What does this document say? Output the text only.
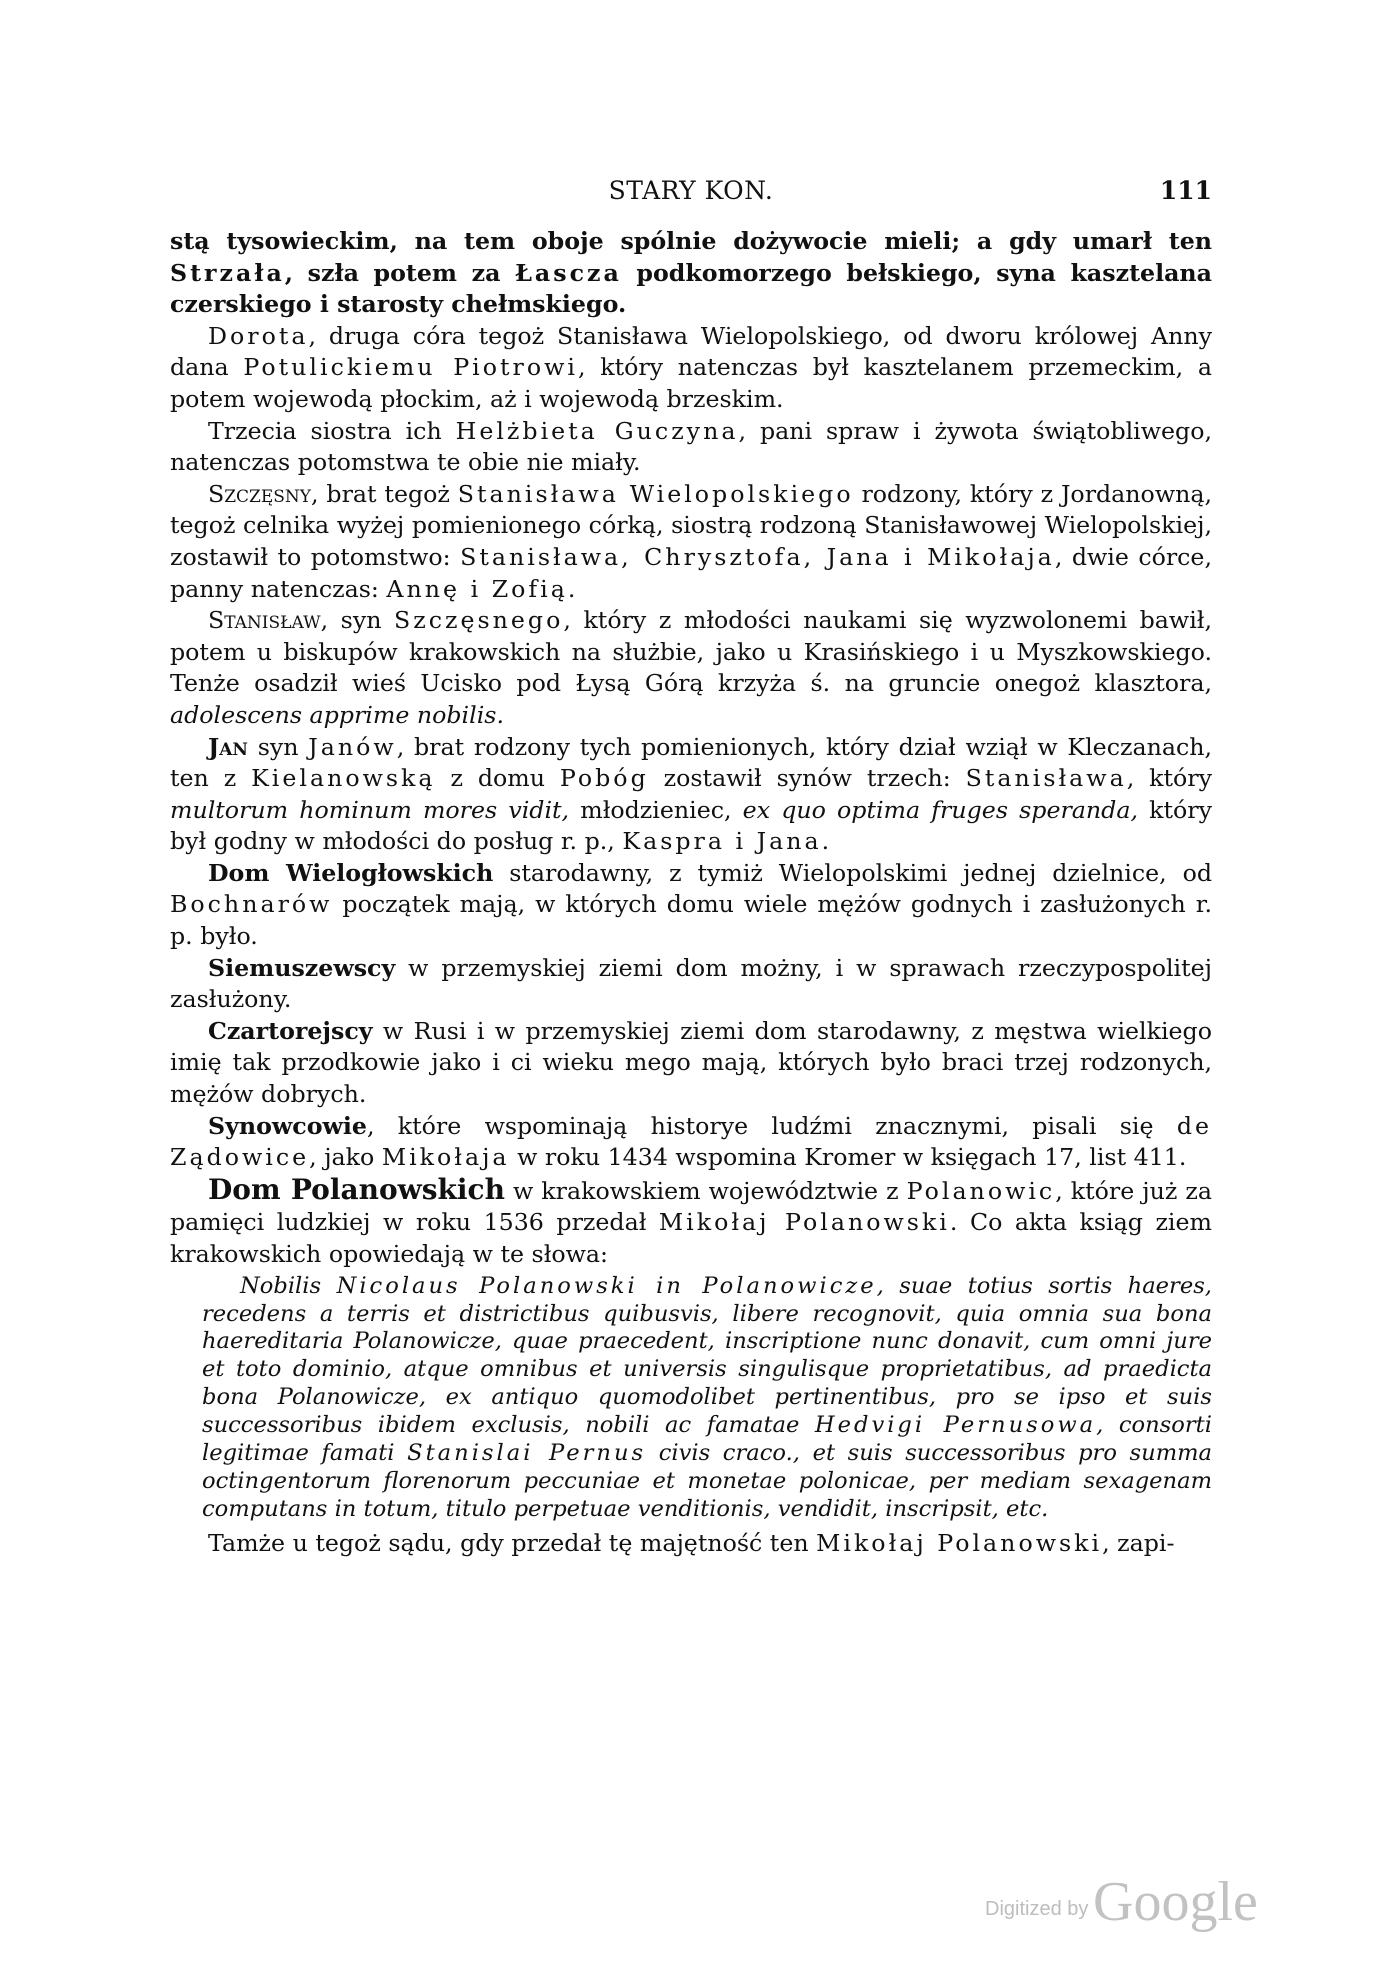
STARY KON.	111

stą tysowieckim, na tem oboje spólnie dożywocie mieli; a gdy umarł ten Strzała, szła potem za Łascza podkomorzego bełskiego, syna kasztelana czerskiego i starosty chełmskiego.

Dorota, druga córa tegoż Stanisława Wielopolskiego, od dworu królowej Anny dana Potulickiemu Piotrowi, który natenczas był kasztelanem przemeckim, a potem wojewodą płockim, aż i wojewodą brzeskim.

Trzecia siostra ich Helżbieta Guczyna, pani spraw i żywota świątobliwego, natenczas potomstwa te obie nie miały.

Szczęsny, brat tegoż Stanisława Wielopolskiego rodzony, który z Jordanowną, tegoż celnika wyżej pomienionego córką, siostrą rodzoną Stanisławowej Wielopolskiej, zostawił to potomstwo: Stanisława, Chrysztofa, Jana i Mikołaja, dwie córce, panny natenczas: Annę i Zofią.

Stanisław, syn Szczęsnego, który z młodości naukami się wyzwolonemi bawił, potem u biskupów krakowskich na służbie, jako u Krasińskiego i u Myszkowskiego. Tenże osadził wieś Ucisko pod Łysą Górą krzyża ś. na gruncie onegoż klasztora, adolescens apprime nobilis.

Jan syn Janów, brat rodzony tych pomienionych, który dział wziął w Kleczanach, ten z Kielanowską z domu Pobóg zostawił synów trzech: Stanisława, który multorum hominum mores vidit, młodzieniec, ex quo optima fruges speranda, który był godny w młodości do posług r. p., Kaspra i Jana.

Dom Wielogłowskich starodawny, z tymiż Wielopolskimi jednej dzielnice, od Bochnarów początek mają, w których domu wiele mężów godnych i zasłużonych r. p. było.

Siemuszewscy w przemyskiej ziemi dom możny, i w sprawach rzeczypospolitej zasłużony.

Czartorejscy w Rusi i w przemyskiej ziemi dom starodawny, z męstwa wielkiego imię tak przodkowie jako i ci wieku mego mają, których było braci trzej rodzonych, mężów dobrych.

Synowcowie, które wspominają historye ludźmi znacznymi, pisali się de Ządowice, jako Mikołaja w roku 1434 wspomina Kromer w księgach 17, list 411.

Dom Polanowskich w krakowskiem województwie z Polanowic, które już za pamięci ludzkiej w roku 1536 przedał Mikołaj Polanowski. Co akta ksiąg ziem krakowskich opowiedają w te słowa:

Nobilis Nicolaus Polanowski in Polanowicze, suae totius sortis haeres, recedens a terris et districtibus quibusvis, libere recognovit, quia omnia sua bona haereditaria Polanowicze, quae praecedent, inscriptione nunc donavit, cum omni jure et toto dominio, atque omnibus et universis singulisque proprietatibus, ad praedicta bona Polanowicze, ex antiquo quomodolibet pertinentibus, pro se ipso et suis successoribus ibidem exclusis, nobili ac famatae Hedvigi Pernusowa, consorti legitimae famati Stanislai Pernus civis craco., et suis successoribus pro summa octingentorum florenorum peccuniae et monetae polonicae, per mediam sexagenam computans in totum, titulo perpetuae venditionis, vendidit, inscripsit, etc.

Tamże u tegoż sądu, gdy przedał tę majętność ten Mikołaj Polanowski, zapi-

Digitized by Google
